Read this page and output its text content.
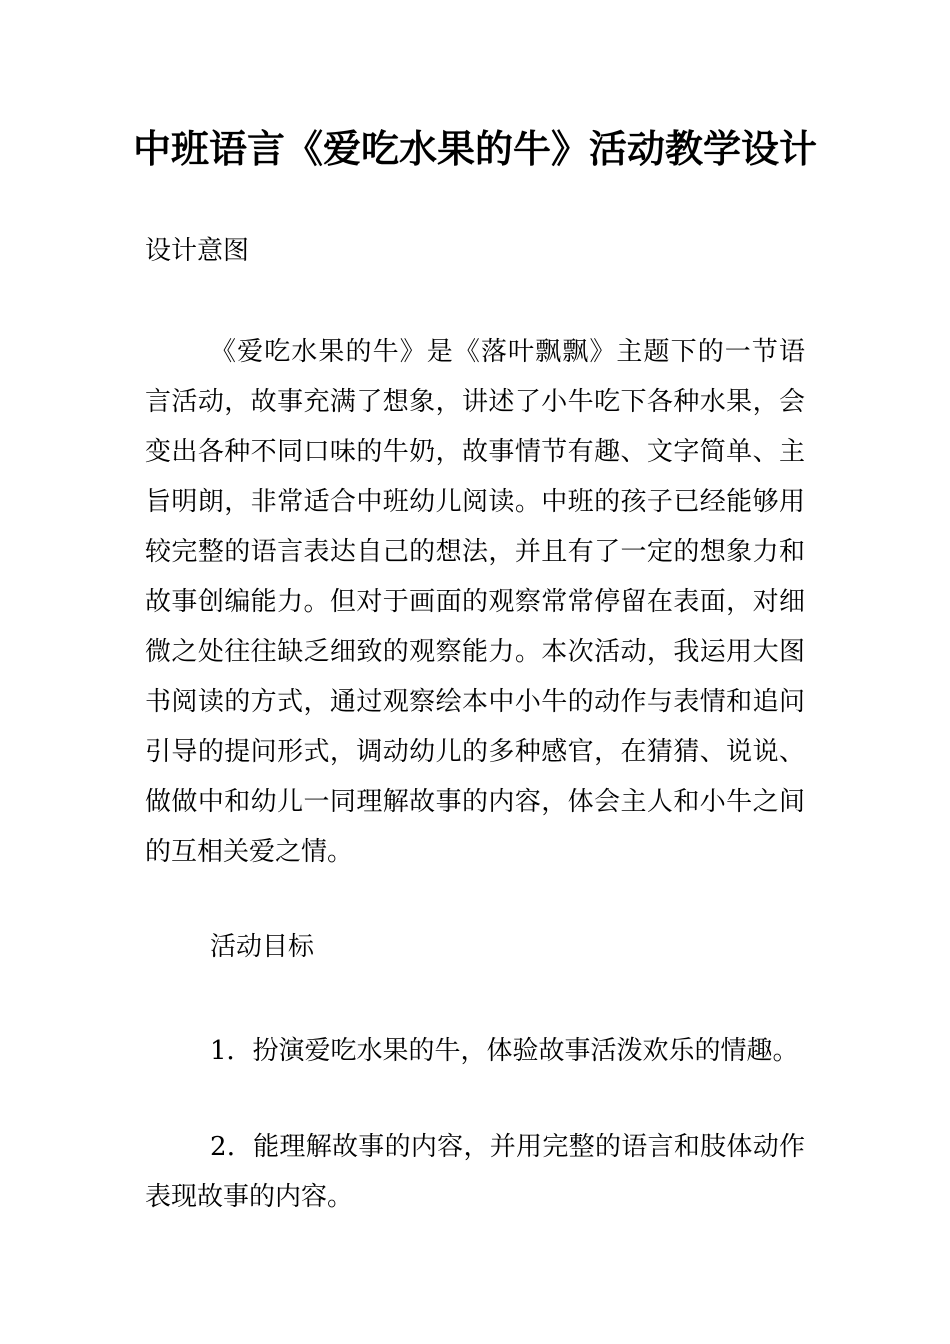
中班语言《爱吃水果的牛》活动教学设计

设计意图

《爱吃水果的牛》是《落叶飘飘》主题下的一节语言活动，故事充满了想象，讲述了小牛吃下各种水果，会变出各种不同口味的牛奶，故事情节有趣、文字简单、主旨明朗，非常适合中班幼儿阅读。中班的孩子已经能够用较完整的语言表达自己的想法，并且有了一定的想象力和故事创编能力。但对于画面的观察常常停留在表面，对细微之处往往缺乏细致的观察能力。本次活动，我运用大图书阅读的方式，通过观察绘本中小牛的动作与表情和追问引导的提问形式，调动幼儿的多种感官，在猜猜、说说、做做中和幼儿一同理解故事的内容，体会主人和小牛之间的互相关爱之情。

活动目标

1．扮演爱吃水果的牛，体验故事活泼欢乐的情趣。

2．能理解故事的内容，并用完整的语言和肢体动作表现故事的内容。
